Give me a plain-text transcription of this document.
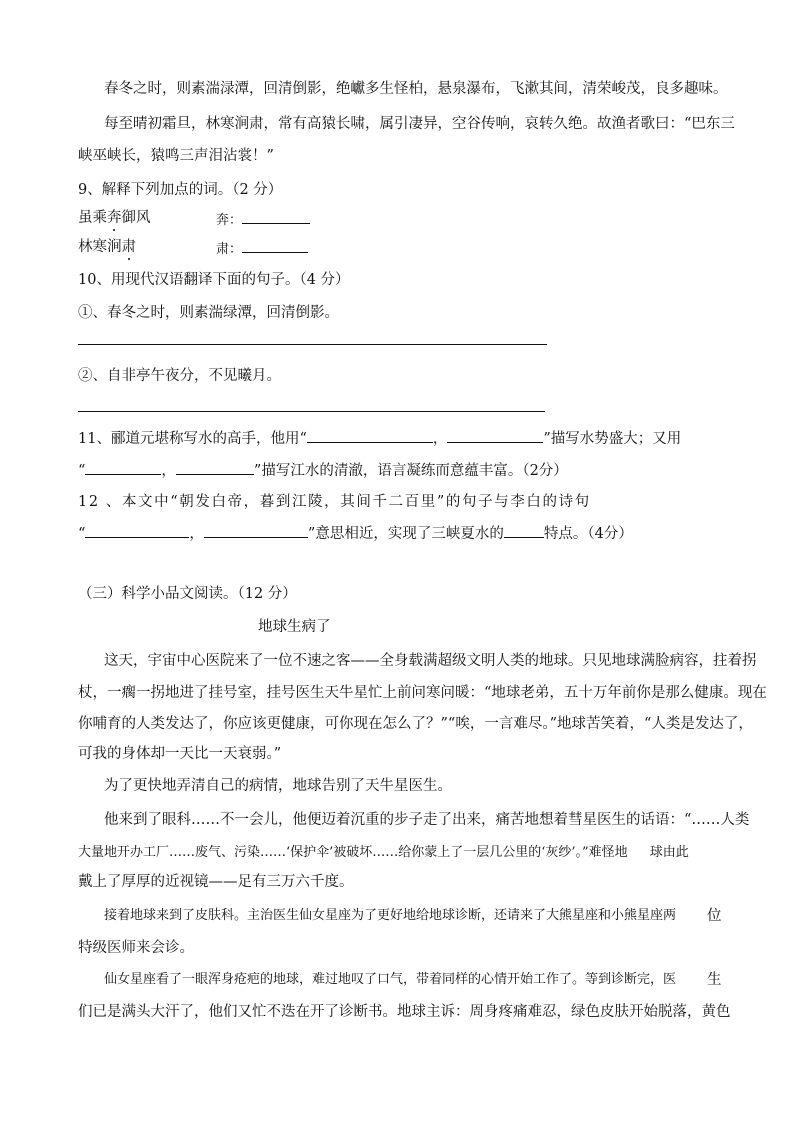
春冬之时，则素湍渌潭，回清倒影，绝巘多生怪柏，悬泉瀑布，飞漱其间，清荣峻茂，良多趣味。
每至晴初霜旦，林寒涧肃，常有高猿长啸，属引凄异，空谷传响，哀转久绝。故渔者歌曰：“巴东三
峡巫峡长，猿鸣三声泪沾裳！”
9、解释下列加点的词。（2 分）
虽乘奔御风	奔：
林寒涧肃	肃：
10、用现代汉语翻译下面的句子。（4 分）
①、春冬之时，则素湍绿潭，回清倒影。
②、自非亭午夜分，不见曦月。
11、郦道元堪称写水的高手，他用“	，	”描写水势盛大；又用
“	，	”描写江水的清澈，语言凝练而意蕴丰富。（2分）
12 、本文中“朝发白帝，暮到江陵，其间千二百里”的句子与李白的诗句
“	，	”意思相近，实现了三峡夏水的	特点。（4分）
（三）科学小品文阅读。（12 分）
地球生病了
这天，宇宙中心医院来了一位不速之客——全身载满超级文明人类的地球。只见地球满脸病容，拄着拐
杖，一瘸一拐地进了挂号室，挂号医生天牛星忙上前问寒问暖：“地球老弟，五十万年前你是那么健康。现在
你哺育的人类发达了，你应该更健康，可你现在怎么了？”“唉，一言难尽。”地球苦笑着，“人类是发达了，
可我的身体却一天比一天衰弱。”
为了更快地弄清自己的病情，地球告别了天牛星医生。
他来到了眼科……不一会儿，他便迈着沉重的步子走了出来，痛苦地想着彗星医生的话语：“……人类
大量地开办工厂……废气、污染……‘保护伞’被破坏……给你蒙上了一层几公里的‘灰纱’。”难怪地 球由此
戴上了厚厚的近视镜——足有三万六千度。
接着地球来到了皮肤科。主治医生仙女星座为了更好地给地球诊断，还请来了大熊星座和小熊星座两 位
特级医师来会诊。
仙女星座看了一眼浑身疮疤的地球，难过地叹了口气，带着同样的心情开始工作了。等到诊断完，医 生
们已是满头大汗了，他们又忙不迭在开了诊断书。地球主诉：周身疼痛难忍，绿色皮肤开始脱落，黄色
